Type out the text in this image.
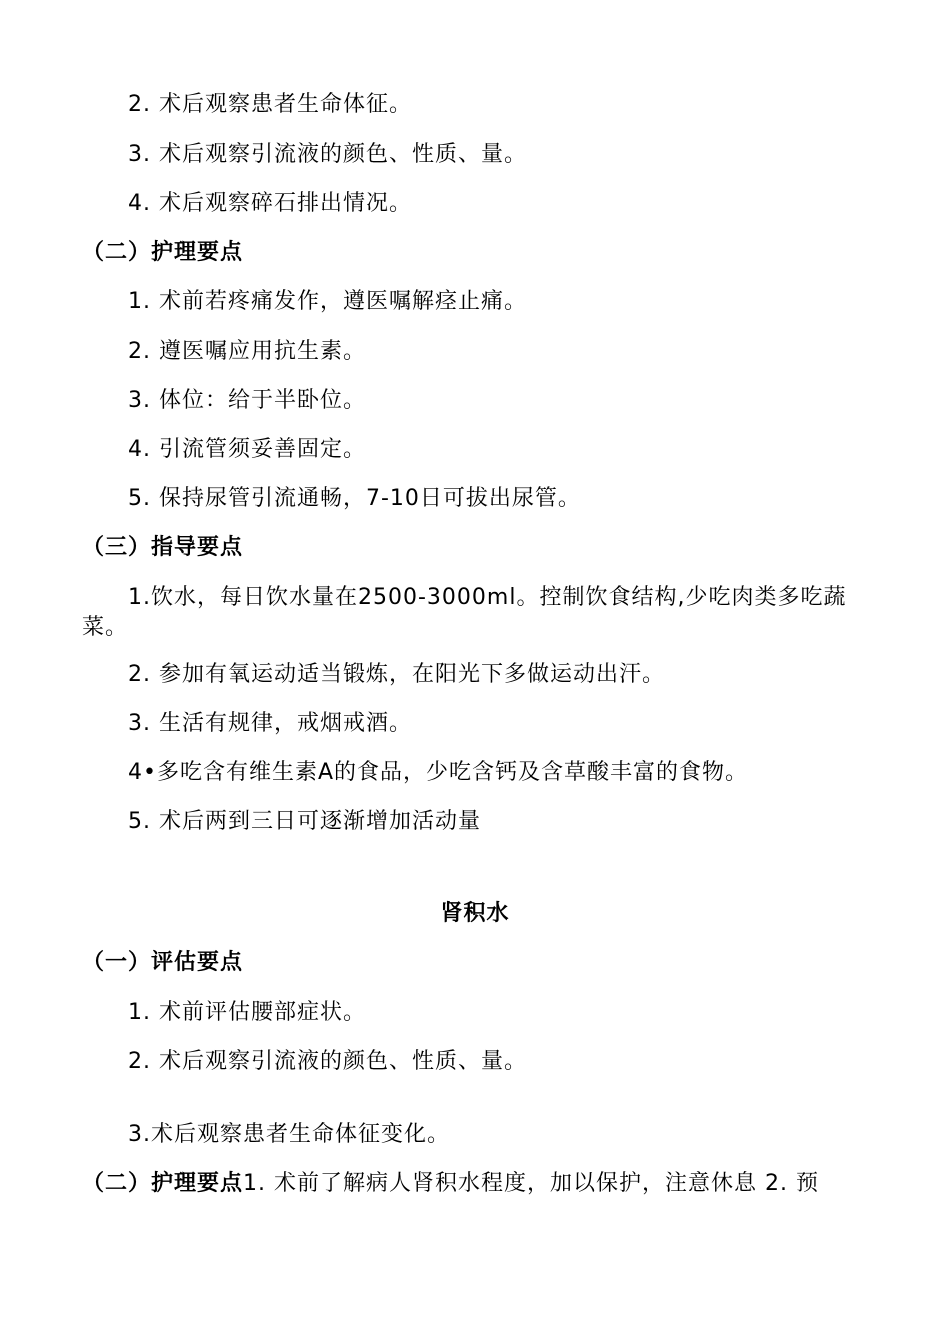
2. 术后观察患者生命体征。
3. 术后观察引流液的颜色、性质、量。
4. 术后观察碎石排出情况。
（二）护理要点
1. 术前若疼痛发作，遵医嘱解痉止痛。
2. 遵医嘱应用抗生素。
3. 体位：给于半卧位。
4. 引流管须妥善固定。
5. 保持尿管引流通畅，7-10日可拔出尿管。
（三）指导要点
1.饮水，每日饮水量在2500-3000ml。控制饮食结构,少吃肉类多吃蔬菜。
2. 参加有氧运动适当锻炼，在阳光下多做运动出汗。
3. 生活有规律，戒烟戒酒。
4•多吃含有维生素A的食品，少吃含钙及含草酸丰富的食物。
5. 术后两到三日可逐渐增加活动量
肾积水
（一）评估要点
1. 术前评估腰部症状。
2. 术后观察引流液的颜色、性质、量。
3.术后观察患者生命体征变化。
（二）护理要点1. 术前了解病人肾积水程度，加以保护，注意休息 2. 预
